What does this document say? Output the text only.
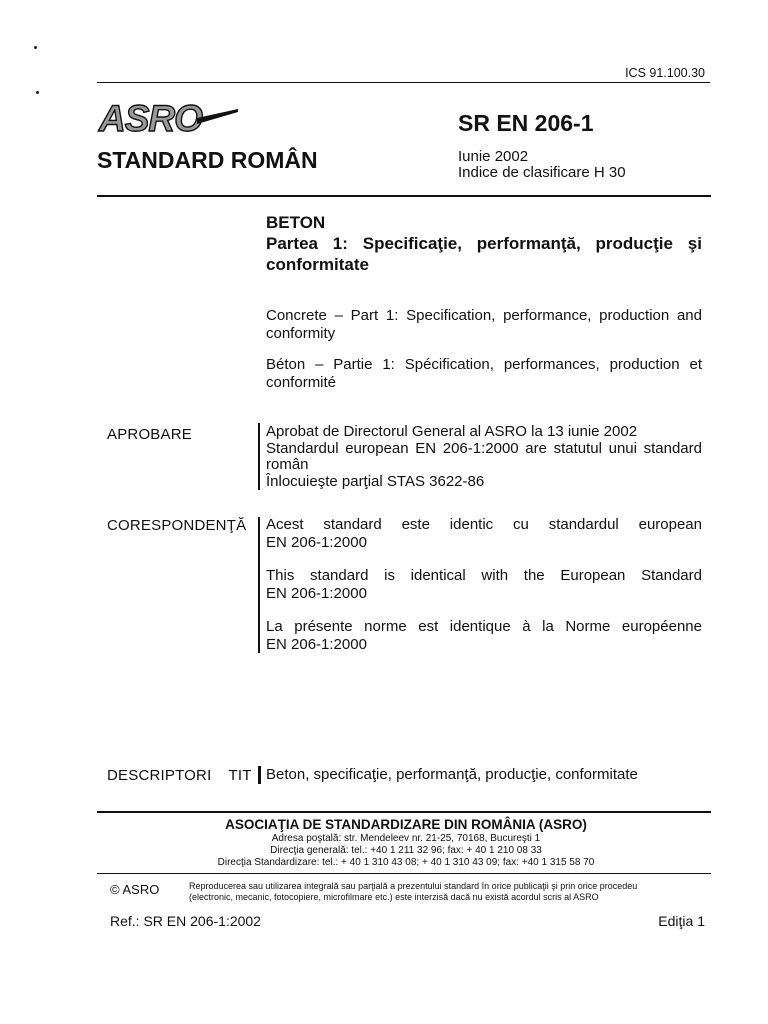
ICS 91.100.30
ASRO	SR EN 206-1
STANDARD ROMÂN	Iunie 2002
Indice de clasificare H 30
BETON
Partea 1: Specificaţie, performanţă, producţie şi
conformitate
Concrete – Part 1: Specification, performance, production and
conformity
Béton – Partie 1: Spécification, performances, production et
conformité
APROBARE	Aprobat de Directorul General al ASRO la 13 iunie 2002
Standardul european EN 206-1:2000 are statutul unui standard
român
Înlocuieşte parţial STAS 3622-86
CORESPONDENŢĂ Acest standard este identic cu standardul european
EN 206-1:2000
This standard is identical with the European Standard
EN 206-1:2000
La présente norme est identique à la Norme européenne
EN 206-1:2000
DESCRIPTORI TIT Beton, specificaţie, performanţă, producţie, conformitate
ASOCIAŢIA DE STANDARDIZARE DIN ROMÂNIA (ASRO)
Adresa poştală: str. Mendeleev nr. 21-25, 70168, Bucureşti 1
Direcţia generală: tel.: +40 1 211 32 96; fax: + 40 1 210 08 33
Direcţia Standardizare: tel.: + 40 1 310 43 08; + 40 1 310 43 09; fax: +40 1 315 58 70
© ASRO	Reproducerea sau utilizarea integrală sau parţială a prezentului standard în orice publicaţii şi prin orice procedeu
(electronic, mecanic, fotocopiere, microfilmare etc.) este interzisă dacă nu există acordul scris al ASRO
Ref.: SR EN 206-1:2002	Ediţia 1
